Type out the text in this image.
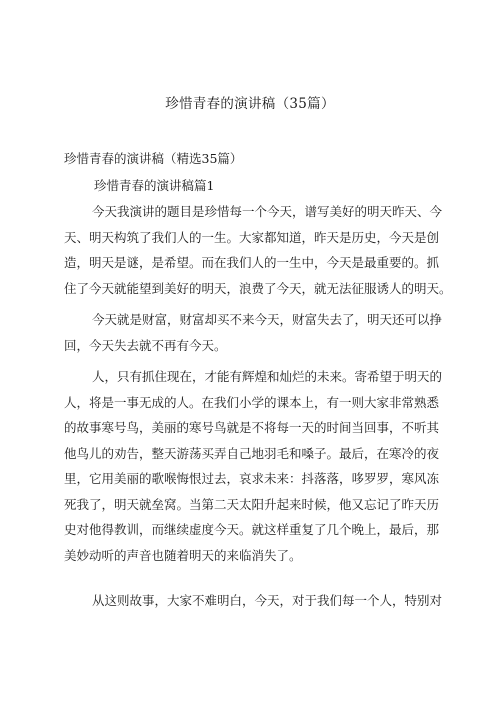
珍惜青春的演讲稿（35篇）
珍惜青春的演讲稿（精选35篇）
珍惜青春的演讲稿篇1
今天我演讲的题目是珍惜每一个今天，谱写美好的明天昨天、今
天、明天构筑了我们人的一生。大家都知道，昨天是历史，今天是创
造，明天是谜，是希望。而在我们人的一生中，今天是最重要的。抓
住了今天就能望到美好的明天，浪费了今天，就无法征服诱人的明天。
今天就是财富，财富却买不来今天，财富失去了，明天还可以挣
回，今天失去就不再有今天。
人，只有抓住现在，才能有辉煌和灿烂的未来。寄希望于明天的
人，将是一事无成的人。在我们小学的课本上，有一则大家非常熟悉
的故事寒号鸟，美丽的寒号鸟就是不将每一天的时间当回事，不听其
他鸟儿的劝告，整天游荡买弄自己地羽毛和嗓子。最后，在寒冷的夜
里，它用美丽的歌喉悔恨过去，哀求未来：抖落落，哆罗罗，寒风冻
死我了，明天就垒窝。当第二天太阳升起来时候，他又忘记了昨天历
史对他得教训，而继续虚度今天。就这样重复了几个晚上，最后，那
美妙动听的声音也随着明天的来临消失了。
从这则故事，大家不难明白，今天，对于我们每一个人，特别对
